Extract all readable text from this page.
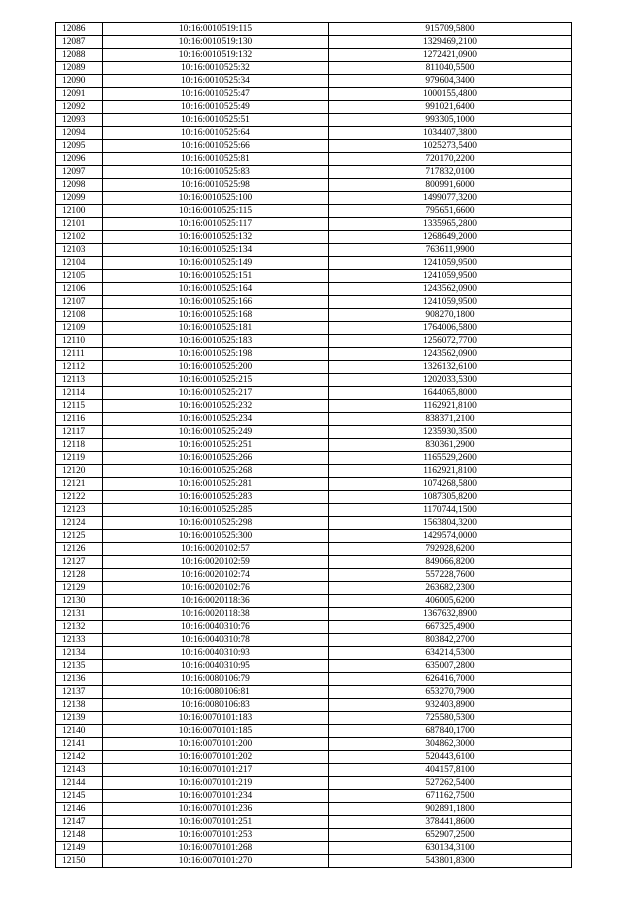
12086	10:16:0010519:115	915709,5800
12087	10:16:0010519:130	1329469,2100
12088	10:16:0010519:132	1272421,0900
12089	10:16:0010525:32	811040,5500
12090	10:16:0010525:34	979604,3400
12091	10:16:0010525:47	1000155,4800
12092	10:16:0010525:49	991021,6400
12093	10:16:0010525:51	993305,1000
12094	10:16:0010525:64	1034407,3800
12095	10:16:0010525:66	1025273,5400
12096	10:16:0010525:81	720170,2200
12097	10:16:0010525:83	717832,0100
12098	10:16:0010525:98	800991,6000
12099	10:16:0010525:100	1499077,3200
12100	10:16:0010525:115	795651,6600
12101	10:16:0010525:117	1335965,2800
12102	10:16:0010525:132	1268649,2000
12103	10:16:0010525:134	763611,9900
12104	10:16:0010525:149	1241059,9500
12105	10:16:0010525:151	1241059,9500
12106	10:16:0010525:164	1243562,0900
12107	10:16:0010525:166	1241059,9500
12108	10:16:0010525:168	908270,1800
12109	10:16:0010525:181	1764006,5800
12110	10:16:0010525:183	1256072,7700
12111	10:16:0010525:198	1243562,0900
12112	10:16:0010525:200	1326132,6100
12113	10:16:0010525:215	1202033,5300
12114	10:16:0010525:217	1644065,8000
12115	10:16:0010525:232	1162921,8100
12116	10:16:0010525:234	838371,2100
12117	10:16:0010525:249	1235930,3500
12118	10:16:0010525:251	830361,2900
12119	10:16:0010525:266	1165529,2600
12120	10:16:0010525:268	1162921,8100
12121	10:16:0010525:281	1074268,5800
12122	10:16:0010525:283	1087305,8200
12123	10:16:0010525:285	1170744,1500
12124	10:16:0010525:298	1563804,3200
12125	10:16:0010525:300	1429574,0000
12126	10:16:0020102:57	792928,6200
12127	10:16:0020102:59	849066,8200
12128	10:16:0020102:74	557228,7600
12129	10:16:0020102:76	263682,2300
12130	10:16:0020118:36	406005,6200
12131	10:16:0020118:38	1367632,8900
12132	10:16:0040310:76	667325,4900
12133	10:16:0040310:78	803842,2700
12134	10:16:0040310:93	634214,5300
12135	10:16:0040310:95	635007,2800
12136	10:16:0080106:79	626416,7000
12137	10:16:0080106:81	653270,7900
12138	10:16:0080106:83	932403,8900
12139	10:16:0070101:183	725580,5300
12140	10:16:0070101:185	687840,1700
12141	10:16:0070101:200	304862,3000
12142	10:16:0070101:202	520443,6100
12143	10:16:0070101:217	404157,8100
12144	10:16:0070101:219	527262,5400
12145	10:16:0070101:234	671162,7500
12146	10:16:0070101:236	902891,1800
12147	10:16:0070101:251	378441,8600
12148	10:16:0070101:253	652907,2500
12149	10:16:0070101:268	630134,3100
12150	10:16:0070101:270	543801,8300
